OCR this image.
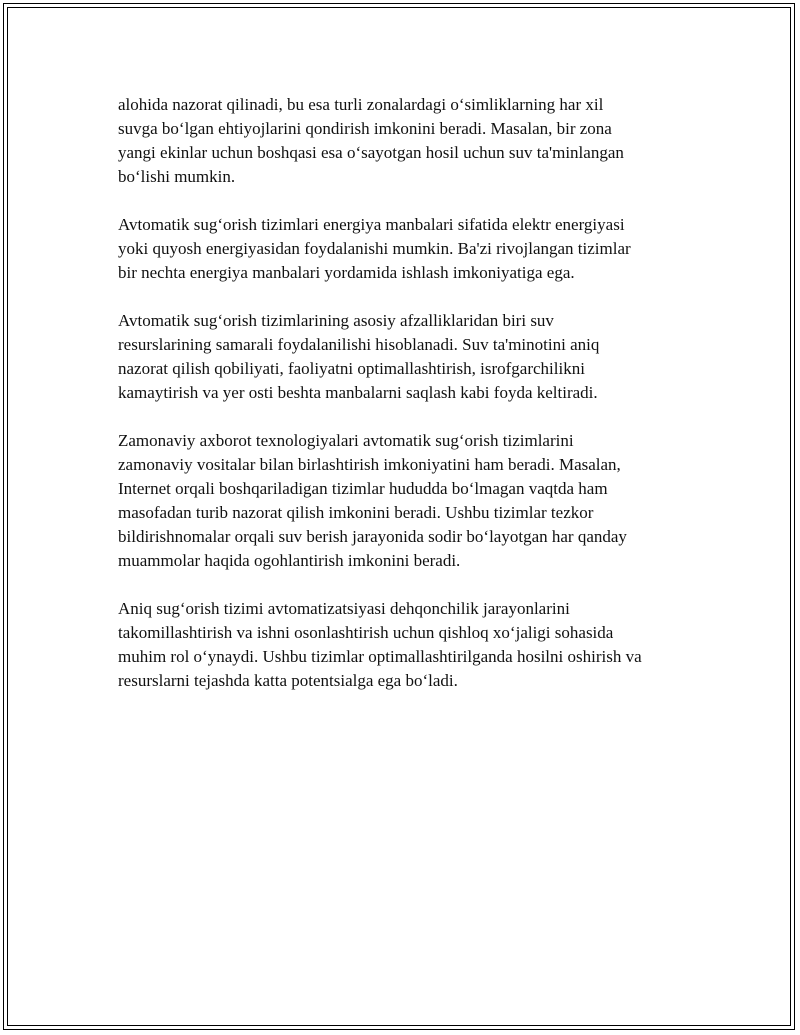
alohida nazorat qilinadi, bu esa turli zonalardagi o‘simliklarning har xil
suvga bo‘lgan ehtiyojlarini qondirish imkonini beradi. Masalan, bir zona
yangi ekinlar uchun boshqasi esa o‘sayotgan hosil uchun suv ta'minlangan
bo‘lishi mumkin.

Avtomatik sug‘orish tizimlari energiya manbalari sifatida elektr energiyasi
yoki quyosh energiyasidan foydalanishi mumkin. Ba'zi rivojlangan tizimlar
bir nechta energiya manbalari yordamida ishlash imkoniyatiga ega.

Avtomatik sug‘orish tizimlarining asosiy afzalliklaridan biri suv
resurslarining samarali foydalanilishi hisoblanadi. Suv ta'minotini aniq
nazorat qilish qobiliyati, faoliyatni optimallashtirish, isrofgarchilikni
kamaytirish va yer osti beshta manbalarni saqlash kabi foyda keltiradi.

Zamonaviy axborot texnologiyalari avtomatik sug‘orish tizimlarini
zamonaviy vositalar bilan birlashtirish imkoniyatini ham beradi. Masalan,
Internet orqali boshqariladigan tizimlar hududda bo‘lmagan vaqtda ham
masofadan turib nazorat qilish imkonini beradi. Ushbu tizimlar tezkor
bildirishnomalar orqali suv berish jarayonida sodir bo‘layotgan har qanday
muammolar haqida ogohlantirish imkonini beradi.

Aniq sug‘orish tizimi avtomatizatsiyasi dehqonchilik jarayonlarini
takomillashtirish va ishni osonlashtirish uchun qishloq xo‘jaligi sohasida
muhim rol o‘ynaydi. Ushbu tizimlar optimallashtirilganda hosilni oshirish va
resurslarni tejashda katta potentsialga ega bo‘ladi.
